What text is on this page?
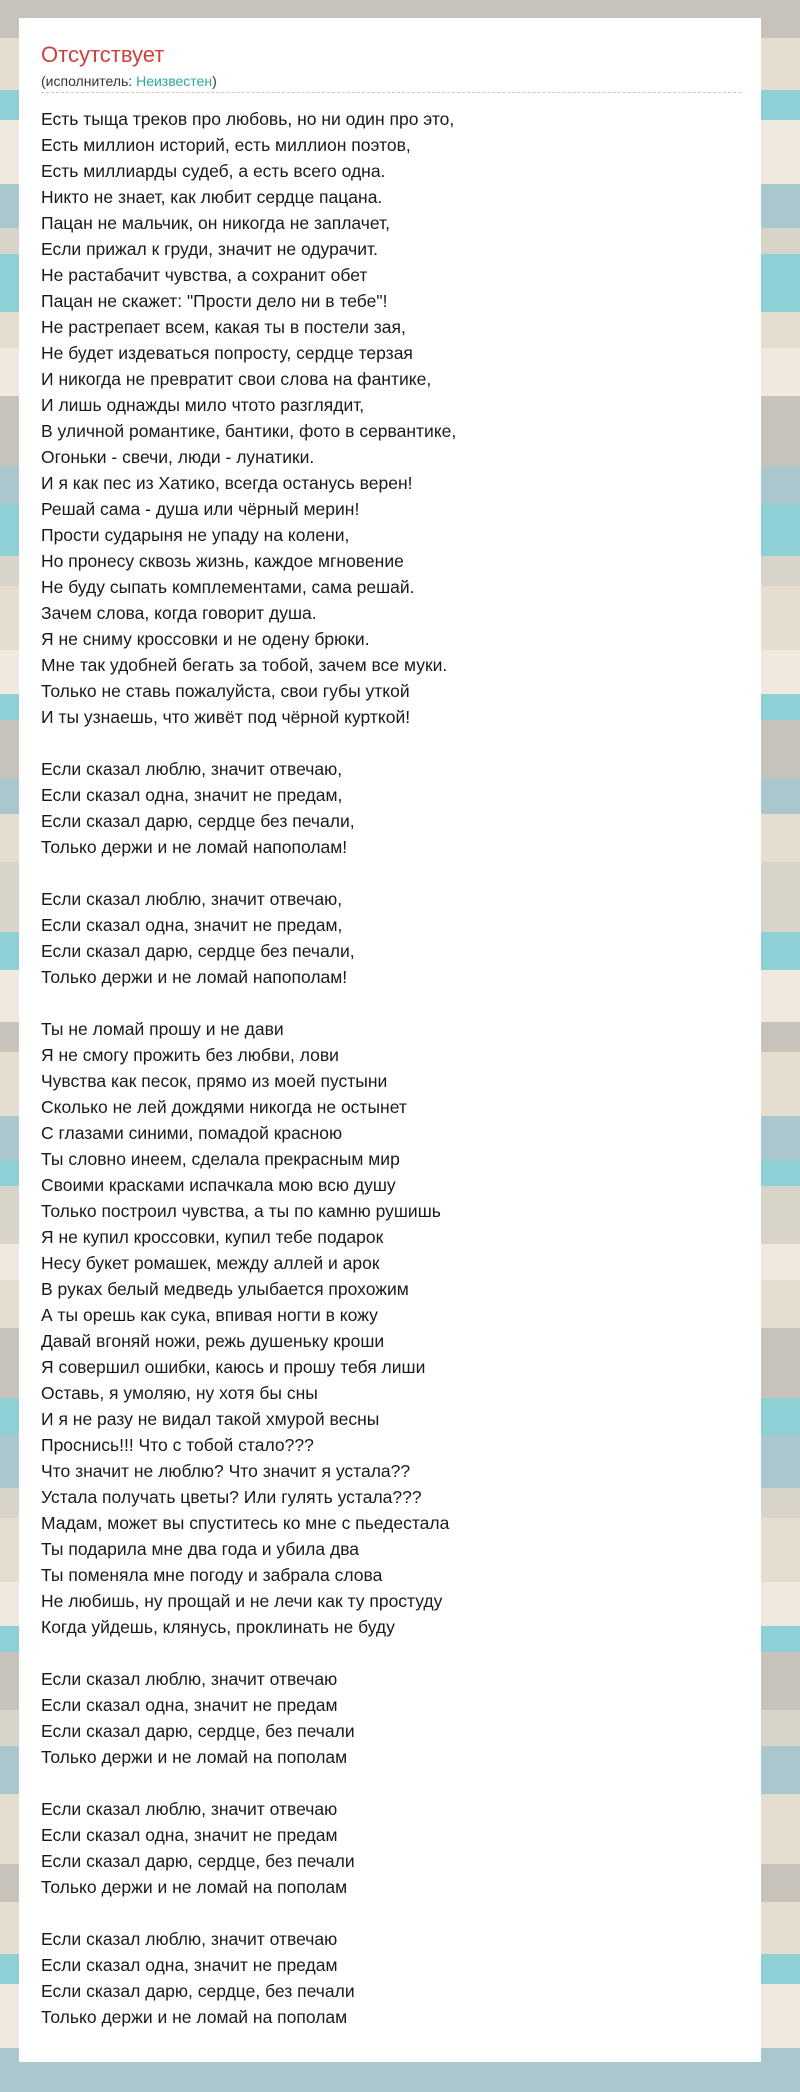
Отсутствует
(исполнитель: Неизвестен)
Есть тыща треков про любовь, но ни один про это,
Есть миллион историй, есть миллион поэтов,
Есть миллиарды судеб, а есть всего одна.
Никто не знает, как любит сердце пацана.
Пацан не мальчик, он никогда не заплачет,
Если прижал к груди, значит не одурачит.
Не растабачит чувства, а сохранит обет
Пацан не скажет: "Прости дело ни в тебе"!
Не растрепает всем, какая ты в постели зая,
Не будет издеваться попросту, сердце терзая
И никогда не превратит свои слова на фантике,
И лишь однажды мило чтото разглядит,
В уличной романтике, бантики, фото в сервантике,
Огоньки - свечи, люди - лунатики.
И я как пес из Хатико, всегда останусь верен!
Решай сама - душа или чёрный мерин!
Прости сударыня не упаду на колени,
Но пронесу сквозь жизнь, каждое мгновение
Не буду сыпать комплементами, сама решай.
Зачем слова, когда говорит душа.
Я не сниму кроссовки и не одену брюки.
Мне так удобней бегать за тобой, зачем все муки.
Только не ставь пожалуйста, свои губы уткой
И ты узнаешь, что живёт под чёрной курткой!
Если сказал люблю, значит отвечаю,
Если сказал одна, значит не предам,
Если сказал дарю, сердце без печали,
Только держи и не ломай напополам!
Если сказал люблю, значит отвечаю,
Если сказал одна, значит не предам,
Если сказал дарю, сердце без печали,
Только держи и не ломай напополам!
Ты не ломай прошу и не дави
Я не смогу прожить без любви, лови
Чувства как песок, прямо из моей пустыни
Сколько не лей дождями никогда не остынет
С глазами синими, помадой красною
Ты словно инеем, сделала прекрасным мир
Своими красками испачкала мою всю душу
Только построил чувства, а ты по камню рушишь
Я не купил кроссовки, купил тебе подарок
Несу букет ромашек, между аллей и арок
В руках белый медведь улыбается прохожим
А ты орешь как сука, впивая ногти в кожу
Давай вгоняй ножи, режь душеньку кроши
Я совершил ошибки, каюсь и прошу тебя лиши
Оставь, я умоляю, ну хотя бы сны
И я не разу не видал такой хмурой весны
Проснись!!! Что с тобой стало???
Что значит не люблю? Что значит я устала??
Устала получать цветы? Или гулять устала???
Мадам, может вы спуститесь ко мне с пьедестала
Ты подарила мне два года и убила два
Ты поменяла мне погоду и забрала слова
Не любишь, ну прощай и не лечи как ту простуду
Когда уйдешь, клянусь, проклинать не буду
Если сказал люблю, значит отвечаю
Если сказал одна, значит не предам
Если сказал дарю, сердце, без печали
Только держи и не ломай на пополам
Если сказал люблю, значит отвечаю
Если сказал одна, значит не предам
Если сказал дарю, сердце, без печали
Только держи и не ломай на пополам
Если сказал люблю, значит отвечаю
Если сказал одна, значит не предам
Если сказал дарю, сердце, без печали
Только держи и не ломай на пополам
